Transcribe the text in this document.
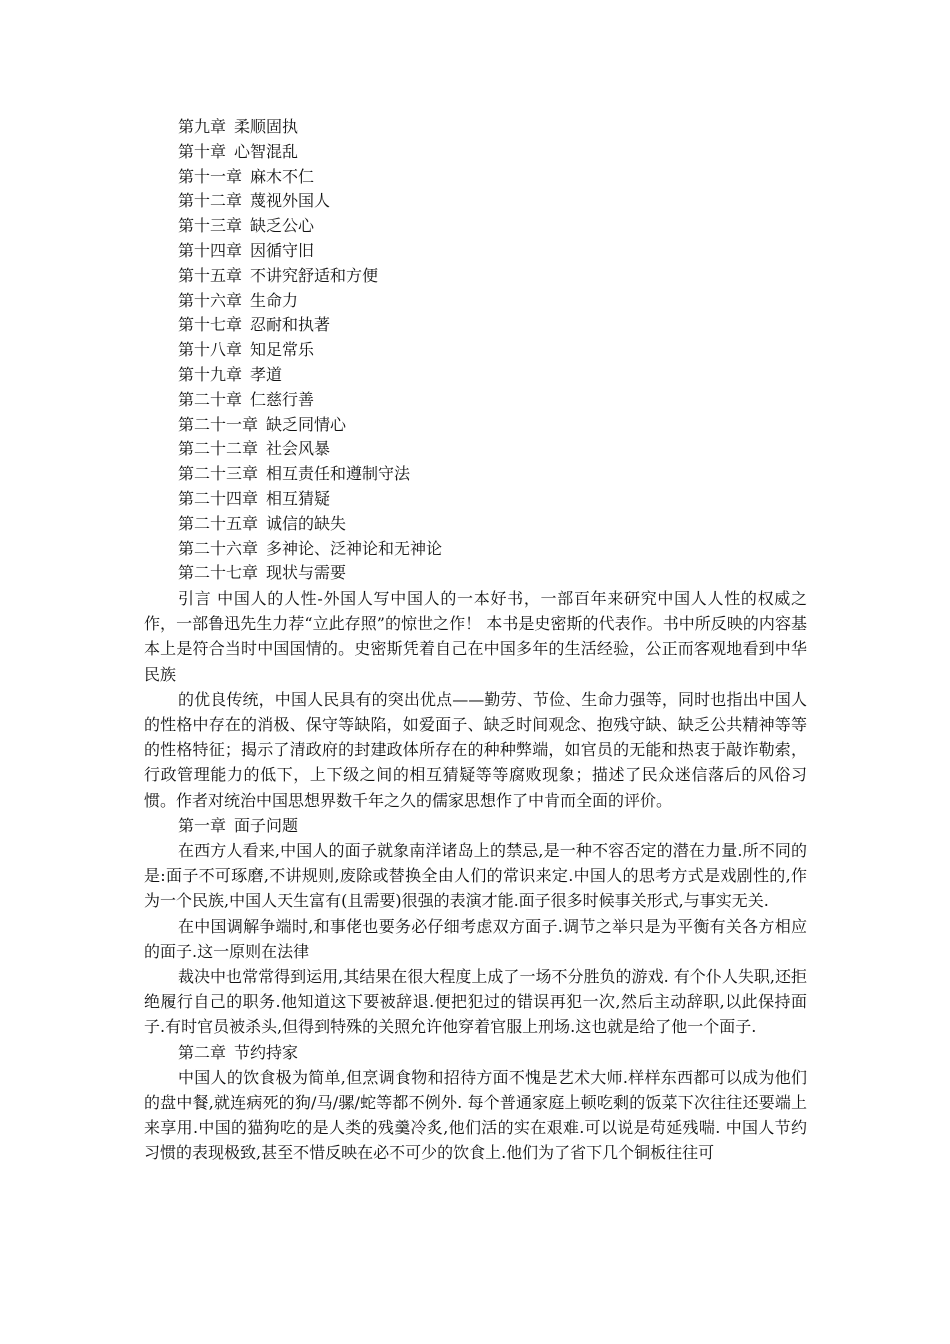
第九章 柔顺固执
第十章 心智混乱
第十一章 麻木不仁
第十二章 蔑视外国人
第十三章 缺乏公心
第十四章 因循守旧
第十五章 不讲究舒适和方便
第十六章 生命力
第十七章 忍耐和执著
第十八章 知足常乐
第十九章 孝道
第二十章 仁慈行善
第二十一章 缺乏同情心
第二十二章 社会风暴
第二十三章 相互责任和遵制守法
第二十四章 相互猜疑
第二十五章 诚信的缺失
第二十六章 多神论、泛神论和无神论
第二十七章 现状与需要

引言 中国人的人性-外国人写中国人的一本好书，一部百年来研究中国人人性的权威之作，一部鲁迅先生力荐“立此存照”的惊世之作！ 本书是史密斯的代表作。书中所反映的内容基本上是符合当时中国国情的。史密斯凭着自己在中国多年的生活经验，公正而客观地看到中华民族

的优良传统，中国人民具有的突出优点——勤劳、节俭、生命力强等，同时也指出中国人的性格中存在的消极、保守等缺陷，如爱面子、缺乏时间观念、抱残守缺、缺乏公共精神等等的性格特征；揭示了清政府的封建政体所存在的种种弊端，如官员的无能和热衷于敲诈勒索，行政管理能力的低下，上下级之间的相互猜疑等等腐败现象；描述了民众迷信落后的风俗习惯。作者对统治中国思想界数千年之久的儒家思想作了中肯而全面的评价。

第一章 面子问题

在西方人看来,中国人的面子就象南洋诸岛上的禁忌,是一种不容否定的潜在力量.所不同的是:面子不可琢磨,不讲规则,废除或替换全由人们的常识来定.中国人的思考方式是戏剧性的,作为一个民族,中国人天生富有(且需要)很强的表演才能.面子很多时候事关形式,与事实无关.

在中国调解争端时,和事佬也要务必仔细考虑双方面子.调节之举只是为平衡有关各方相应的面子.这一原则在法律

裁决中也常常得到运用,其结果在很大程度上成了一场不分胜负的游戏. 有个仆人失职,还拒绝履行自己的职务.他知道这下要被辞退.便把犯过的错误再犯一次,然后主动辞职,以此保持面子.有时官员被杀头,但得到特殊的关照允许他穿着官服上刑场.这也就是给了他一个面子.

第二章 节约持家

中国人的饮食极为简单,但烹调食物和招待方面不愧是艺术大师.样样东西都可以成为他们的盘中餐,就连病死的狗/马/骡/蛇等都不例外. 每个普通家庭上顿吃剩的饭菜下次往往还要端上来享用.中国的猫狗吃的是人类的残羹冷炙,他们活的实在艰难.可以说是苟延残喘. 中国人节约习惯的表现极致,甚至不惜反映在必不可少的饮食上.他们为了省下几个铜板往往可
